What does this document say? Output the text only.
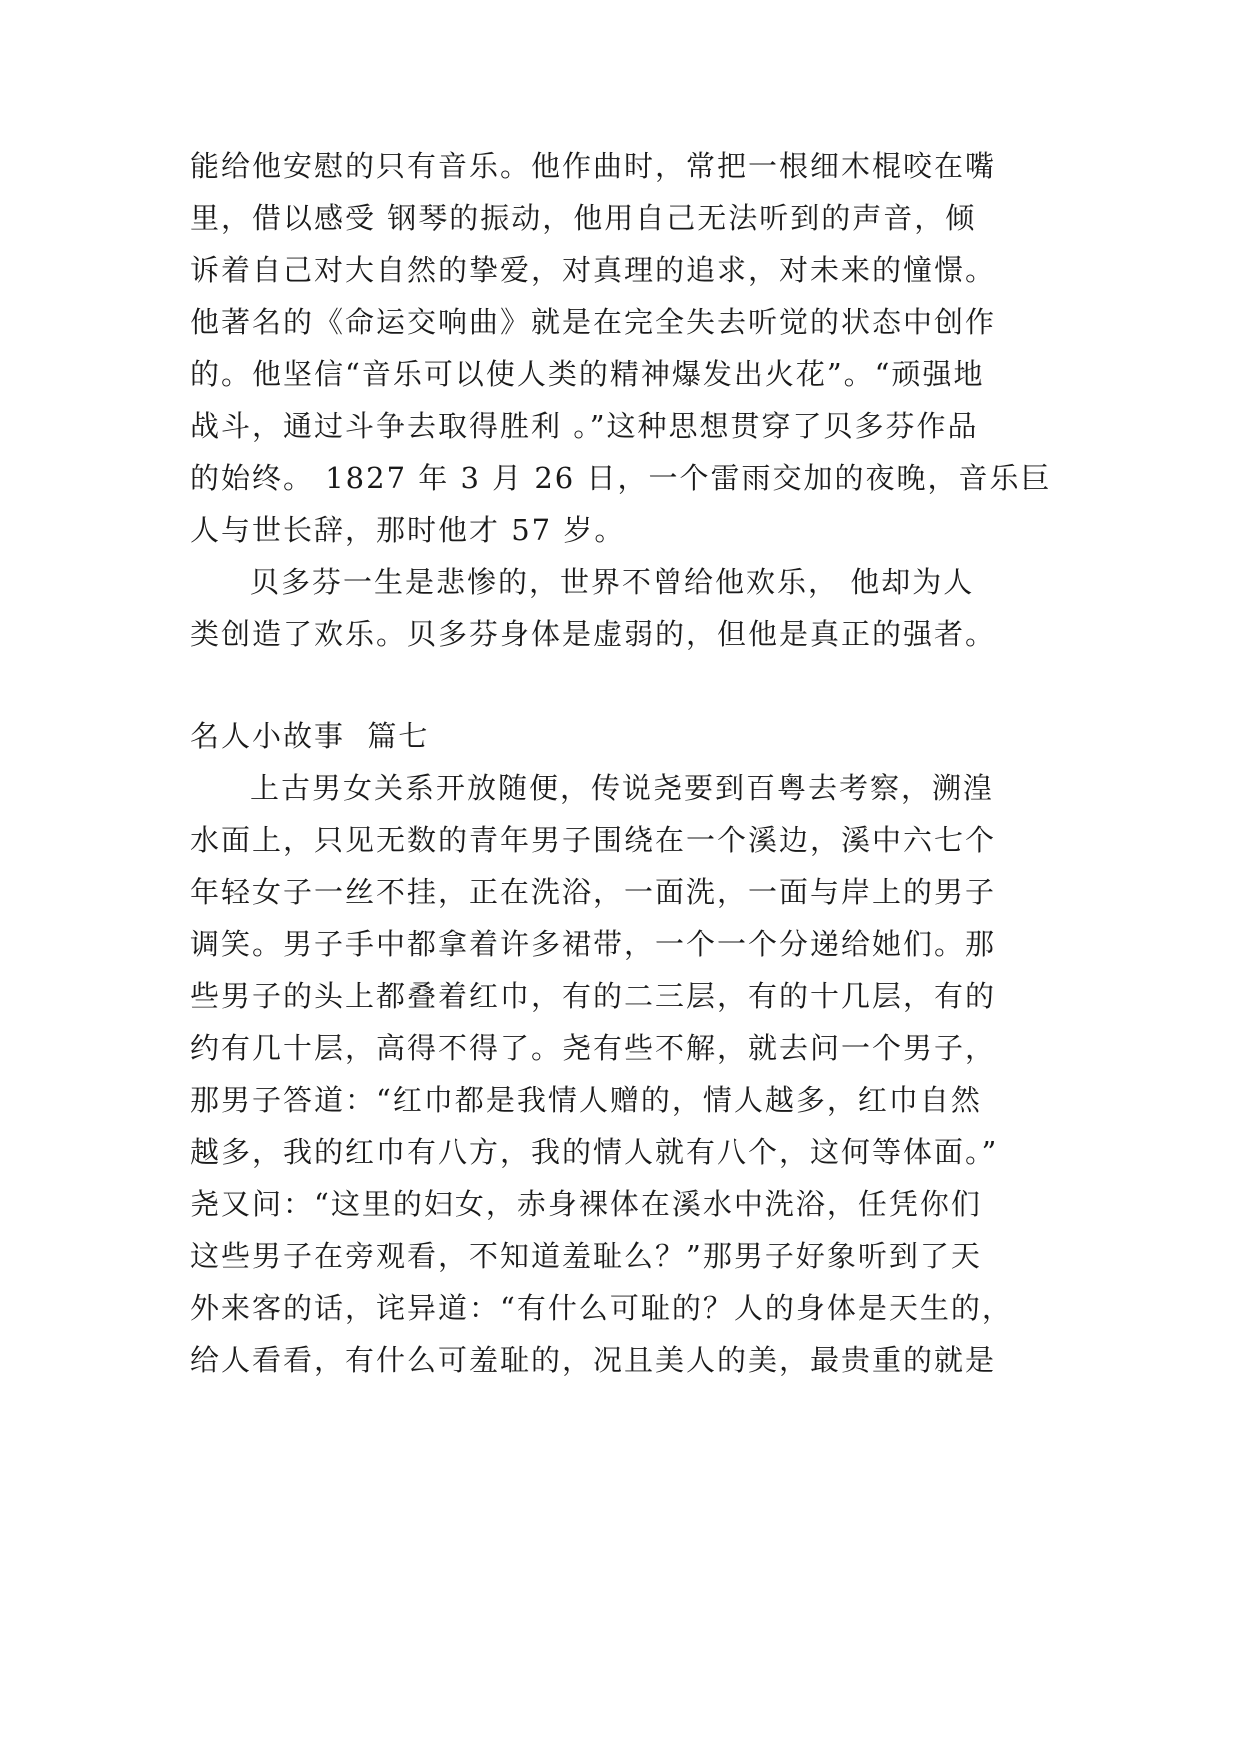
能给他安慰的只有音乐。他作曲时，常把一根细木棍咬在嘴
里，借以感受 钢琴的振动，他用自己无法听到的声音，倾
诉着自己对大自然的挚爱，对真理的追求，对未来的憧憬。
他著名的《命运交响曲》就是在完全失去听觉的状态中创作
的。他坚信“音乐可以使人类的精神爆发出火花”。“顽强地
战斗，通过斗争去取得胜利 。”这种思想贯穿了贝多芬作品
的始终。 1827 年 3 月 26 日，一个雷雨交加的夜晚，音乐巨
人与世长辞，那时他才 57 岁。
贝多芬一生是悲惨的，世界不曾给他欢乐， 他却为人
类创造了欢乐。贝多芬身体是虚弱的，但他是真正的强者。
名人小故事  篇七
上古男女关系开放随便，传说尧要到百粤去考察，溯湟
水面上，只见无数的青年男子围绕在一个溪边，溪中六七个
年轻女子一丝不挂，正在洗浴，一面洗，一面与岸上的男子
调笑。男子手中都拿着许多裙带，一个一个分递给她们。那
些男子的头上都叠着红巾，有的二三层，有的十几层，有的
约有几十层，高得不得了。尧有些不解，就去问一个男子，
那男子答道：“红巾都是我情人赠的，情人越多，红巾自然
越多，我的红巾有八方，我的情人就有八个，这何等体面。”
尧又问：“这里的妇女，赤身裸体在溪水中洗浴，任凭你们
这些男子在旁观看，不知道羞耻么？”那男子好象听到了天
外来客的话，诧异道：“有什么可耻的？人的身体是天生的，
给人看看，有什么可羞耻的，况且美人的美，最贵重的就是
